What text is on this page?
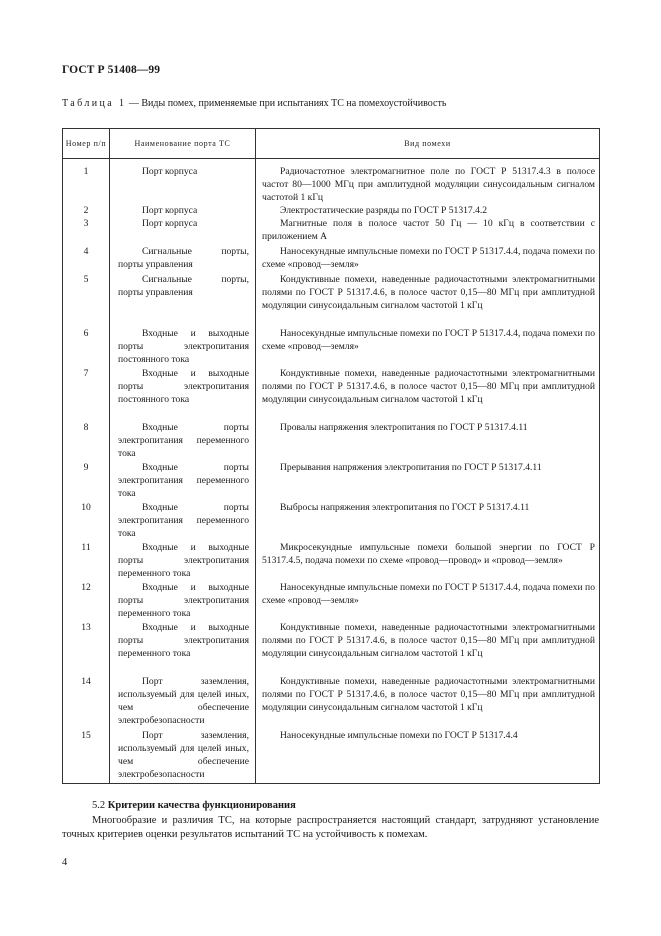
ГОСТ Р 51408—99
Таблица 1 — Виды помех, применяемые при испытаниях ТС на помехоустойчивость
Номер п/п	Наименование порта ТС	Вид помехи
1	Порт корпуса	Радиочастотное электромагнитное поле по ГОСТ Р 51317.4.3 в полосе частот 80—1000 МГц при амплитудной модуляции синусоидальным сигналом частотой 1 кГц

2	Порт корпуса	Электростатические разряды по ГОСТ Р 51317.4.2

3	Порт корпуса	Магнитные поля в полосе частот 50 Гц — 10 кГц в соответствии с приложением А

4	Сигнальные порты, порты управления	Наносекундные импульсные помехи по ГОСТ Р 51317.4.4, подача помехи по схеме «провод—земля»

5	Сигнальные порты, порты управления	Кондуктивные помехи, наведенные радиочастотными электромагнитными полями по ГОСТ Р 51317.4.6, в полосе частот 0,15—80 МГц при амплитудной модуляции синусоидальным сигналом частотой 1 кГц

6	Входные и выходные порты электропитания постоянного тока	Наносекундные импульсные помехи по ГОСТ Р 51317.4.4, подача помехи по схеме «провод—земля»

7	Входные и выходные порты электропитания постоянного тока	Кондуктивные помехи, наведенные радиочастотными электромагнитными полями по ГОСТ Р 51317.4.6, в полосе частот 0,15—80 МГц при амплитудной модуляции синусоидальным сигналом частотой 1 кГц

8	Входные порты электропитания переменного тока	Провалы напряжения электропитания по ГОСТ Р 51317.4.11

9	Входные порты электропитания переменного тока	Прерывания напряжения электропитания по ГОСТ Р 51317.4.11

10	Входные порты электропитания переменного тока	Выбросы напряжения электропитания по ГОСТ Р 51317.4.11

11	Входные и выходные порты электропитания переменного тока	Микросекундные импульсные помехи большой энергии по ГОСТ Р 51317.4.5, подача помехи по схеме «провод—провод» и «провод—земля»

12	Входные и выходные порты электропитания переменного тока	Наносекундные импульсные помехи по ГОСТ Р 51317.4.4, подача помехи по схеме «провод—земля»

13	Входные и выходные порты электропитания переменного тока	Кондуктивные помехи, наведенные радиочастотными электромагнитными полями по ГОСТ Р 51317.4.6, в полосе частот 0,15—80 МГц при амплитудной модуляции синусоидальным сигналом частотой 1 кГц

14	Порт заземления, используемый для целей иных, чем обеспечение электробезопасности	Кондуктивные помехи, наведенные радиочастотными электромагнитными полями по ГОСТ Р 51317.4.6, в полосе частот 0,15—80 МГц при амплитудной модуляции синусоидальным сигналом частотой 1 кГц

15	Порт заземления, используемый для целей иных, чем обеспечение электробезопасности	Наносекундные импульсные помехи по ГОСТ Р 51317.4.4
5.2 Критерии качества функционирования
Многообразие и различия ТС, на которые распространяется настоящий стандарт, затрудняют установление точных критериев оценки результатов испытаний ТС на устойчивость к помехам.
4
